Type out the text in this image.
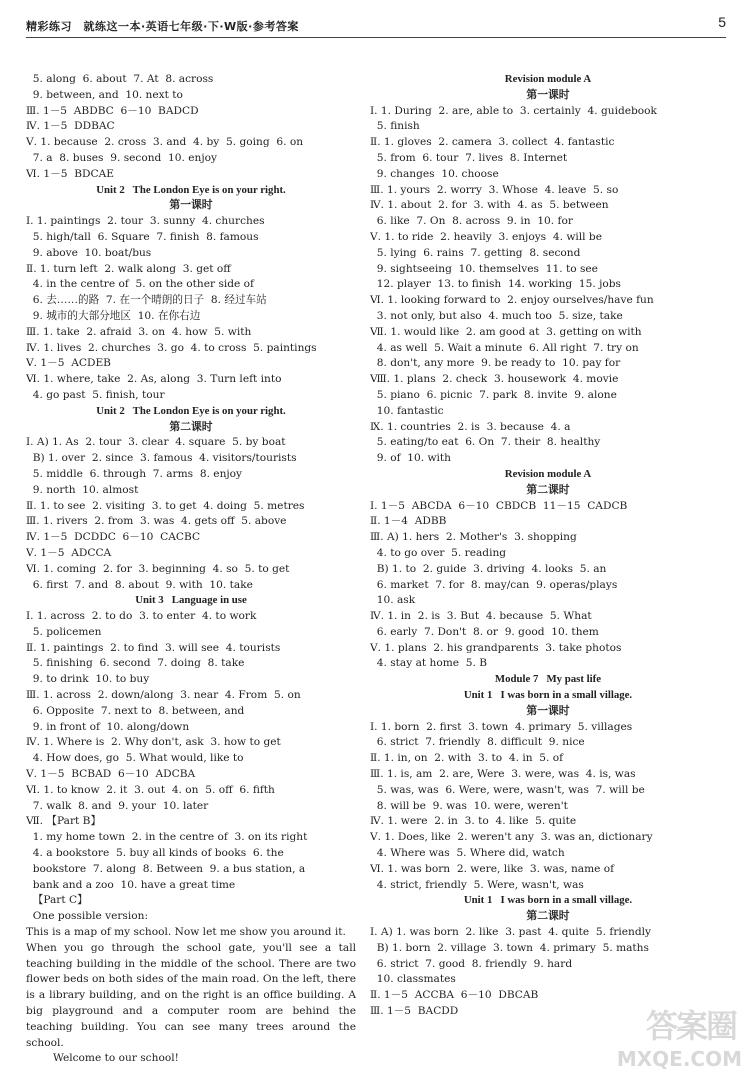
精彩练习　就练这一本·英语七年级·下·W版·参考答案	5
5. along  6. about  7. At  8. across
9. between, and  10. next to
Ⅲ. 1－5  ABDBC  6－10  BADCD
Ⅳ. 1－5  DDBAC
Ⅴ. 1. because  2. cross  3. and  4. by  5. going  6. on
7. a  8. buses  9. second  10. enjoy
Ⅵ. 1－5  BDCAE
Unit 2   The London Eye is on your right.
第一课时
Ⅰ. 1. paintings  2. tour  3. sunny  4. churches
5. high/tall  6. Square  7. finish  8. famous
9. above  10. boat/bus
Ⅱ. 1. turn left  2. walk along  3. get off
4. in the centre of  5. on the other side of
6. 去……的路  7. 在一个晴朗的日子  8. 经过车站
9. 城市的大部分地区  10. 在你右边
Ⅲ. 1. take  2. afraid  3. on  4. how  5. with
Ⅳ. 1. lives  2. churches  3. go  4. to cross  5. paintings
Ⅴ. 1－5  ACDEB
Ⅵ. 1. where, take  2. As, along  3. Turn left into
4. go past  5. finish, tour
Unit 2   The London Eye is on your right.
第二课时
Ⅰ. A) 1. As  2. tour  3. clear  4. square  5. by boat
B) 1. over  2. since  3. famous  4. visitors/tourists
5. middle  6. through  7. arms  8. enjoy
9. north  10. almost
Ⅱ. 1. to see  2. visiting  3. to get  4. doing  5. metres
Ⅲ. 1. rivers  2. from  3. was  4. gets off  5. above
Ⅳ. 1－5  DCDDC  6－10  CACBC
Ⅴ. 1－5  ADCCA
Ⅵ. 1. coming  2. for  3. beginning  4. so  5. to get
6. first  7. and  8. about  9. with  10. take
Unit 3   Language in use
Ⅰ. 1. across  2. to do  3. to enter  4. to work
5. policemen
Ⅱ. 1. paintings  2. to find  3. will see  4. tourists
5. finishing  6. second  7. doing  8. take
9. to drink  10. to buy
Ⅲ. 1. across  2. down/along  3. near  4. From  5. on
6. Opposite  7. next to  8. between, and
9. in front of  10. along/down
Ⅳ. 1. Where is  2. Why don't, ask  3. how to get
4. How does, go  5. What would, like to
Ⅴ. 1－5  BCBAD  6－10  ADCBA
Ⅵ. 1. to know  2. it  3. out  4. on  5. off  6. fifth
7. walk  8. and  9. your  10. later
Ⅶ. 【Part B】
1. my home town  2. in the centre of  3. on its right
4. a bookstore  5. buy all kinds of books  6. the
bookstore  7. along  8. Between  9. a bus station, a
bank and a zoo  10. have a great time
【Part C】
One possible version:
This is a map of my school. Now let me show you around it.
When you go through the school gate, you'll see a tall teaching building in the middle of the school. There are two flower beds on both sides of the main road. On the left, there is a library building, and on the right is an office building. A big playground and a computer room are behind the teaching building. You can see many trees around the school.
Welcome to our school!
Revision module A
第一课时
Ⅰ. 1. During  2. are, able to  3. certainly  4. guidebook
5. finish
Ⅱ. 1. gloves  2. camera  3. collect  4. fantastic
5. from  6. tour  7. lives  8. Internet
9. changes  10. choose
Ⅲ. 1. yours  2. worry  3. Whose  4. leave  5. so
Ⅳ. 1. about  2. for  3. with  4. as  5. between
6. like  7. On  8. across  9. in  10. for
Ⅴ. 1. to ride  2. heavily  3. enjoys  4. will be
5. lying  6. rains  7. getting  8. second
9. sightseeing  10. themselves  11. to see
12. player  13. to finish  14. working  15. jobs
Ⅵ. 1. looking forward to  2. enjoy ourselves/have fun
3. not only, but also  4. much too  5. size, take
Ⅶ. 1. would like  2. am good at  3. getting on with
4. as well  5. Wait a minute  6. All right  7. try on
8. don't, any more  9. be ready to  10. pay for
Ⅷ. 1. plans  2. check  3. housework  4. movie
5. piano  6. picnic  7. park  8. invite  9. alone
10. fantastic
Ⅸ. 1. countries  2. is  3. because  4. a
5. eating/to eat  6. On  7. their  8. healthy
9. of  10. with
Revision module A
第二课时
Ⅰ. 1－5  ABCDA  6－10  CBDCB  11－15  CADCB
Ⅱ. 1－4  ADBB
Ⅲ. A) 1. hers  2. Mother's  3. shopping
4. to go over  5. reading
B) 1. to  2. guide  3. driving  4. looks  5. an
6. market  7. for  8. may/can  9. operas/plays
10. ask
Ⅳ. 1. in  2. is  3. But  4. because  5. What
6. early  7. Don't  8. or  9. good  10. them
Ⅴ. 1. plans  2. his grandparents  3. take photos
4. stay at home  5. B
Module 7   My past life
Unit 1   I was born in a small village.
第一课时
Ⅰ. 1. born  2. first  3. town  4. primary  5. villages
6. strict  7. friendly  8. difficult  9. nice
Ⅱ. 1. in, on  2. with  3. to  4. in  5. of
Ⅲ. 1. is, am  2. are, Were  3. were, was  4. is, was
5. was, was  6. Were, were, wasn't, was  7. will be
8. will be  9. was  10. were, weren't
Ⅳ. 1. were  2. in  3. to  4. like  5. quite
Ⅴ. 1. Does, like  2. weren't any  3. was an, dictionary
4. Where was  5. Where did, watch
Ⅵ. 1. was born  2. were, like  3. was, name of
4. strict, friendly  5. Were, wasn't, was
Unit 1   I was born in a small village.
第二课时
Ⅰ. A) 1. was born  2. like  3. past  4. quite  5. friendly
B) 1. born  2. village  3. town  4. primary  5. maths
6. strict  7. good  8. friendly  9. hard
10. classmates
Ⅱ. 1－5  ACCBA  6－10  DBCAB
Ⅲ. 1－5  BACDD	答案圈
MXQE.COM
